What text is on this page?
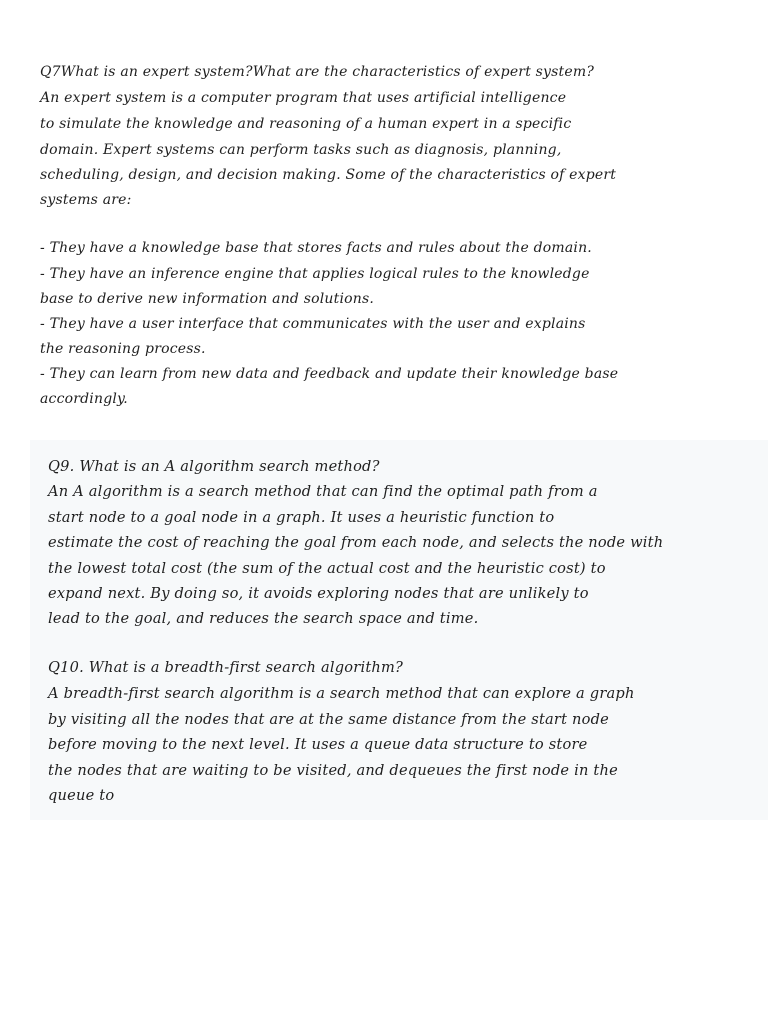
Q7What is an expert system?What are the characteristics of expert system?
An expert system is a computer program that uses artificial intelligence
to simulate the knowledge and reasoning of a human expert in a specific
domain. Expert systems can perform tasks such as diagnosis, planning,
scheduling, design, and decision making. Some of the characteristics of expert
systems are:
- They have a knowledge base that stores facts and rules about the domain.
- They have an inference engine that applies logical rules to the knowledge
base to derive new information and solutions.
- They have a user interface that communicates with the user and explains
the reasoning process.
- They can learn from new data and feedback and update their knowledge base
accordingly.
Q9. What is an A algorithm search method?
An A algorithm is a search method that can find the optimal path from a
start node to a goal node in a graph. It uses a heuristic function to
estimate the cost of reaching the goal from each node, and selects the node with
the lowest total cost (the sum of the actual cost and the heuristic cost) to
expand next. By doing so, it avoids exploring nodes that are unlikely to
lead to the goal, and reduces the search space and time.
Q10. What is a breadth-first search algorithm?
A breadth-first search algorithm is a search method that can explore a graph
by visiting all the nodes that are at the same distance from the start node
before moving to the next level. It uses a queue data structure to store
the nodes that are waiting to be visited, and dequeues the first node in the
queue to
